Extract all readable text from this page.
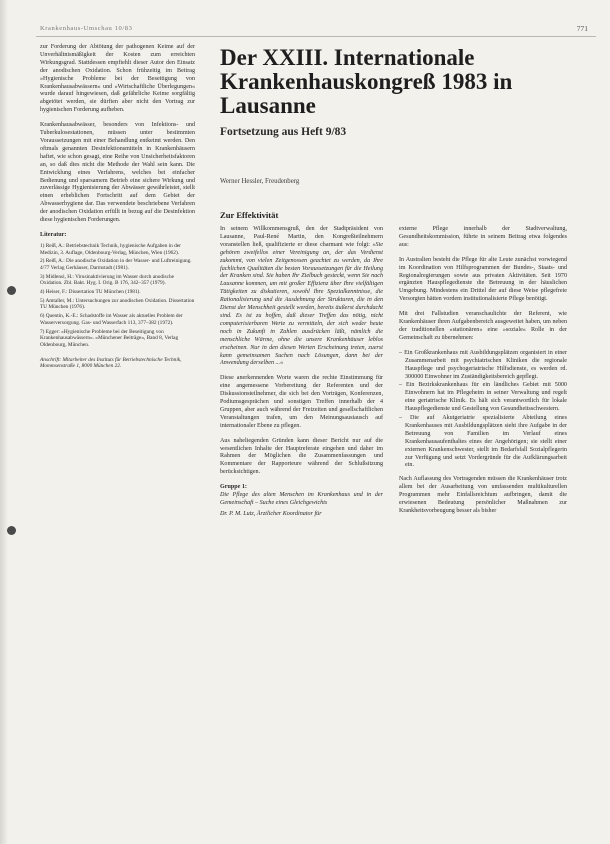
Krankenhaus-Umschau 10/83	771

zur Forderung der Abtötung der pathogenen Keime auf der Unverhältnismäßigkeit der Kosten zum erreichten Wirkungsgrad. Stattdessen empfiehlt dieser Autor den Einsatz der anodischen Oxidation. Schon frühzeitig im Beitrag »Hygienische Probleme bei der Beseitigung von Krankenhausabwässern« und »Wirtschaftliche Überlegungen« wurde darauf hingewiesen, daß gefährliche Keime sorgfältig abgetötet werden, sie dürften aber nicht den Vortrag zur hygienischen Forderung aufheben.

Krankenhausabwässer, besonders von Infektions- und Tuberkulosestationen, müssen unter bestimmten Voraussetzungen mit einer Behandlung entkeimt werden. Den oftmals genannten Desinfektionsmitteln in Krankenhäusern haftet, wie schon gesagt, eine Reihe von Unsicherheitsfaktoren an, so daß dies nicht die Methode der Wahl sein kann. Die Entwicklung eines Verfahrens, welches bei einfacher Bedienung und sparsamem Betrieb eine sichere Wirkung und zuverlässige Hygienisierung der Abwässer gewährleistet, stellt einen erheblichen Fortschritt auf dem Gebiet der Abwasserhygiene dar. Das verwendete beschriebene Verfahren der anodischen Oxidation erfüllt in bezug auf die Desinfektion diese hygienischen Forderungen.

Literatur:
1) Reiß, A.: Betriebstechnik Technik, hygienische Aufgaben in der Medizin, 3. Auflage, Oldenbourg-Verlag, München, Wien (1962).
2) Reiß, A.: Die anodische Oxidation in der Wasser- und Luftreinigung. 4/77 Verlag Gerhäuser, Darmstadt (1981).
3) Midlensi, H.: Virusinaktivierung im Wasser durch anodische Oxidation. Zbl. Bakt. Hyg. I. Orig. B 176, 342–357 (1979).
4) Heiser, F.: Dissertation TU München (1981).
5) Amtaller, M.: Untersuchungen zur anodischen Oxidation. Dissertation TU München (1976).
6) Quentin, K.-E.: Schadstoffe im Wasser als aktuelles Problem der Wasserversorgung. Gas- und Wasserfach 113, 377–382 (1972).
7) Egger: »Hygienische Probleme bei der Beseitigung von Krankenhausabwässern«. »Münchener Beiträge«, Band 8, Verlag Oldenbourg, München.
Anschrift: Mitarbeiter des Instituts für Betriebstechnische Technik, Mommsenstraße 1, 8000 München 22.
Der XXIII. Internationale Krankenhauskongreß 1983 in Lausanne
Fortsetzung aus Heft 9/83
Werner Hessler, Freudenberg
Zur Effektivität

In seinem Willkommensgruß, den der Stadtpräsident von Lausanne, Paul-René Martin, den Kongreßteilnehmern voranstellen ließ, qualifizierte er diese charmant wie folgt: »Sie gehören zweifellos einer Vereinigung an, der das Verdienst zukommt, von vielen Zeitgenossen geachtet zu werden, da Ihre fachlichen Qualitäten die besten Voraussetzungen für die Heilung der Kranken sind. Sie haben Ihr Zielbuch gesteckt, wenn Sie nach Lausanne kommen, um mit großer Effizienz über Ihre vielfältigen Tätigkeiten zu diskutieren, sowohl Ihre Spezialkenntnisse, die Rationalisierung und die Ausdehnung der Strukturen, die in den Dienst der Menschheit gestellt werden, bereits äußerst durchdacht sind. Es ist zu hoffen, daß dieser Treffen das nötig, nicht computerisierbaren Werte zu vermitteln, der sich weder heute noch in Zukunft in Zahlen ausdrücken läßt, nämlich die menschliche Wärme, ohne die unsere Krankenhäuser leblos erscheinen. Nur in den diesen Werten Erscheinung treten, zuerst kann gemeinsamen Suchen nach Lösungen, dann bei der Anwendung derselben ...«

Diese anerkennenden Worte waren die rechte Einstimmung für eine angemessene Vorbereitung der Referenten und der Diskussionsteilnehmer, die sich bei den Vorträgen, Konferenzen, Podiumsgesprächen und sonstigen Treffen innerhalb der 4 Gruppen, aber auch während der Freizeiten und gesellschaftlichen Veranstaltungen trafen, um den Meinungsaustausch auf internationaler Ebene zu pflegen.

Aus naheliegenden Gründen kann dieser Bericht nur auf die wesentlichen Inhalte der Hauptreferate eingehen und daher im Rahmen der Möglichen die Zusammenfassungen und Kommentare der Rapporteure während der Schlußsitzung berücksichtigen.

Gruppe 1:

Die Pflege des alten Menschen im Krankenhaus und in der Gemeinschaft – Suche eines Gleichgewichts

Dr. P. M. Lutz, Ärztlicher Koordinator für

externe Pflege innerhalb der Stadtverwaltung, Gesundheitskommission, führte in seinem Beitrag etwa folgendes aus:

In Australien besteht die Pflege für alte Leute zunächst vorwiegend im Koordination von Hilfsprogrammen der Bundes-, Staats- und Regionalregierungen sowie aus privaten Aktivitäten. Seit 1970 ergänzten Hauspflegedienste die Betreuung in der häuslichen Umgebung. Mindestens ein Drittel der auf diese Weise pflegefreie Versorgten hätten vordem institutionalisierte Pflege benötigt.

Mit drei Fallstudien veranschaulichte der Referent, wie Krankenhäuser ihren Aufgabenbereich ausgeweitet haben, um neben der traditionellen »stationären« eine »soziale« Rolle in der Gemeinschaft zu übernehmen:

– Ein Großkrankenhaus mit Ausbildungsplätzen organisiert in einer Zusammenarbeit mit psychiatrischen Kliniken die regionale Hauspflege und psychogeriatrische Hilfsdienste, es werden rd. 300000 Einwohner im Zuständigkeitsbereich gepflegt.
– Ein Bezirkskrankenhaus für ein ländliches Gebiet mit 5000 Einwohnern hat im Pflegeheim in seiner Verwaltung und regelt eine geriatrische Klinik. Es hält sich verantwortlich für lokale Hauspflegedienste und Gestellung von Gesundheitsschwestern.
– Die auf Akutgeriatrie spezialisierte Abteilung eines Krankenhauses mit Ausbildungsplätzen sieht ihre Aufgabe in der Betreuung von Familien im Verlauf eines Krankenhausaufenthaltes eines der Angehörigen; sie stellt einer externen Krankenschwester, stellt im Bedarfsfall Sozialpflegerin zur Verfügung und setzt Vordergründe für die Aufklärungsarbeit ein.

Nach Auflassung des Vortragenden müssen die Krankenhäuser trotz allem bei der Ausarbeitung von umfassenden multikulturellen Programmen mehr Einfallsreichtum aufbringen, damit die erwiesenen Bedeutung persönlicher Maßnahmen zur Krankheitsvorbeugung besser als bisher
